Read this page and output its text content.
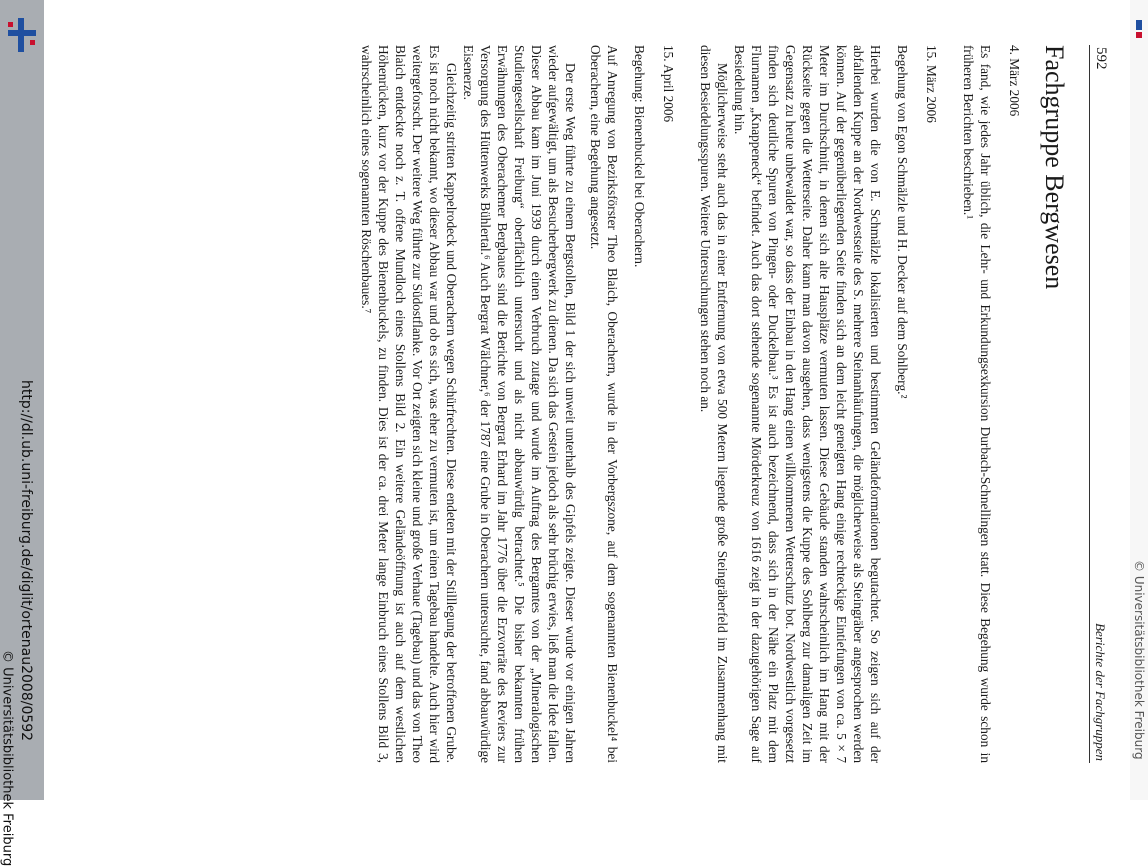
http://dl.ub.uni-freiburg.de/diglit/ortenau2008/0592
© Universitätsbibliothek Freiburg	© Universitätsbibliothek Freiburg
592
Berichte der Fachgruppen
Fachgruppe Bergwesen

4. März 2006

Es fand, wie jedes Jahr üblich, die Lehr- und Erkundungsexkursion Durbach-Schnellingen statt. Diese Begehung wurde schon in früheren Berichten beschrieben.¹

15. März 2006

Begehung von Egon Schmälzle und H. Decker auf dem Sohlberg.²

Hierbei wurden die von E. Schmälzle lokalisierten und bestimmten Geländeformationen begutachtet. So zeigen sich auf der abfallenden Kuppe an der Nordwestseite des S. mehrere Steinanhäufungen, die möglicherweise als Steingräber angesprochen werden können. Auf der gegenüberliegenden Seite finden sich an dem leicht geneigten Hang einige rechteckige Eintiefungen von ca. 5 × 7 Meter im Durchschnitt, in denen sich alte Hausplätze vermuten lassen. Diese Gebäude standen wahrscheinlich im Hang mit der Rückseite gegen die Wetterseite. Daher kann man davon ausgehen, dass wenigstens die Kuppe des Sohlberg zur damaligen Zeit im Gegensatz zu heute unbewaldet war, so dass der Einbau in den Hang einen willkommenen Wetterschutz bot. Nordwestlich vorgesetzt finden sich deutliche Spuren von Pingen- oder Duckelbau.³ Es ist auch bezeichnend, dass sich in der Nähe ein Platz mit dem Flurnamen „Knappeneck“ befindet. Auch das dort stehende sogenannte Mörderkreuz von 1616 zeigt in der dazugehörigen Sage auf Besiedelung hin.

Möglicherweise steht auch das in einer Entfernung von etwa 500 Metern liegende große Steingräberfeld im Zusammenhang mit diesen Besiedelungsspuren. Weitere Untersuchungen stehen noch an.

15. April 2006

Begehung: Bienenbuckel bei Oberachern.

Auf Anregung von Bezirksförster Theo Blaich, Oberachern, wurde in der Vorbergszone, auf dem sogenannten Bienenbuckel⁴ bei Oberachern, eine Begehung angesetzt.

Der erste Weg führte zu einem Bergstollen, Bild 1 der sich unweit unterhalb des Gipfels zeigte. Dieser wurde vor einigen Jahren wieder aufgewältigt, um als Besucherbergwerk zu dienen. Da sich das Gestein jedoch als sehr brüchig erwies, ließ man die Idee fallen. Dieser Abbau kam im Juni 1939 durch einen Verbruch zutage und wurde im Auftrag des Bergamtes von der „Mineralogischen Studiengesellschaft Freiburg“ oberflächlich untersucht und als nicht abbauwürdig betrachtet.⁵ Die bisher bekannten frühen Erwähnungen des Oberachemer Bergbaues sind die Berichte von Bergrat Erhard im Jahr 1776 über die Erzvorräte des Reviers zur Versorgung des Hüttenwerks Bühlertal.⁶ Auch Bergrat Wälchner,⁶ der 1787 eine Grube in Oberachern untersuchte, fand abbauwürdige Eisenerze.

Gleichzeitig stritten Kappelrodeck und Oberachern wegen Schürfrechten. Diese endeten mit der Stilllegung der betroffenen Grube. Es ist noch nicht bekannt, wo dieser Abbau war und ob es sich, was eher zu vermuten ist, um einen Tagebau handelte. Auch hier wird weitergeforscht. Der weitere Weg führte zur Südostflanke. Vor Ort zeigten sich kleine und große Verhaue (Tagebau) und das von Theo Blaich entdeckte noch z. T. offene Mundloch eines Stollens Bild 2. Ein weitere Geländeöffnung ist auch auf dem westlichen Höhenrücken, kurz vor der Kuppe des Bienenbuckels, zu finden. Dies ist der ca. drei Meter lange Einbruch eines Stollens Bild 3, wahrscheinlich eines sogenannten Röschenbaues.⁷
